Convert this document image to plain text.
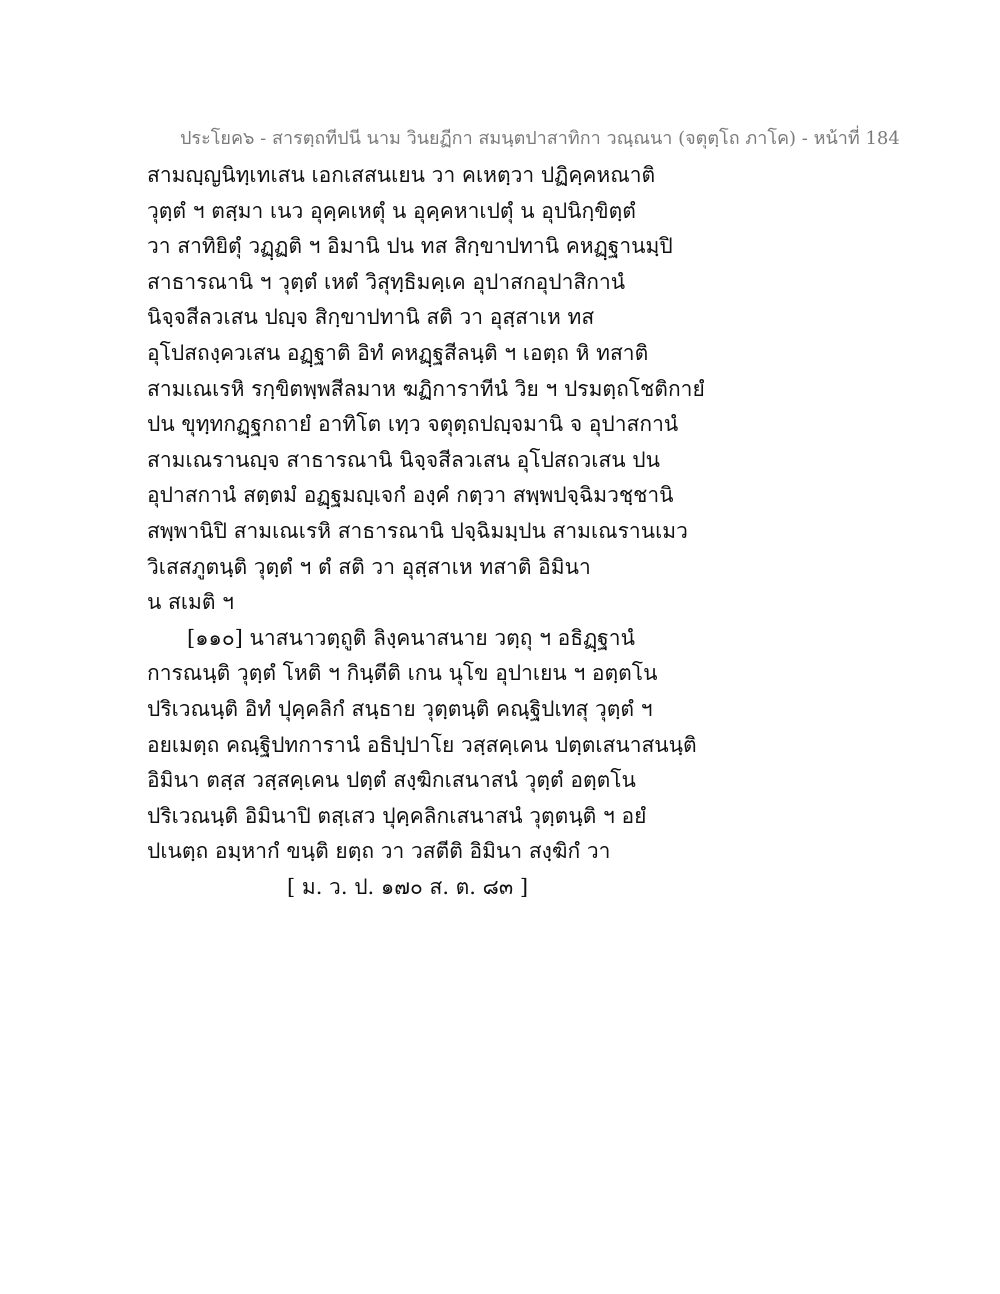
ประโยค๖ - สารตฺถทีปนี นาม วินยฏีกา สมนฺตปาสาทิกา วณฺณนา (จตุตฺโถ ภาโค) - หน้าที่ 184
สามญฺญนิทฺเทเสน เอกเสสนเยน วา คเหตฺวา ปฏิคฺคหณาติ
วุตฺตํ ฯ ตสฺมา เนว อุคฺคเหตุํ น อุคฺคหาเปตุํ น อุปนิกฺขิตฺตํ
วา สาทิยิตุํ วฏฺฏติ ฯ อิมานิ ปน ทส สิกฺขาปทานิ คหฏฺฐานมฺปิ
สาธารณานิ ฯ วุตฺตํ เหตํ วิสุทฺธิมคฺเค อุปาสกอุปาสิกานํ
นิจฺจสีลวเสน ปญฺจ สิกฺขาปทานิ สติ วา อุสฺสาเห ทส
อุโปสถงฺควเสน อฏฺฐาติ อิทํ คหฏฺฐสีลนฺติ ฯ เอตฺถ หิ ทสาติ
สามเณเรหิ รกฺขิตพฺพสีลมาห ฆฏิการาทีนํ วิย ฯ ปรมตฺถโชติกายํ
ปน ขุทฺทกฏฺฐกถายํ อาทิโต เทฺว จตุตฺถปญฺจมานิ จ อุปาสกานํ
สามเณรานญฺจ สาธารณานิ นิจฺจสีลวเสน อุโปสถวเสน ปน
อุปาสกานํ สตฺตมํ อฏฺฐมญฺเจกํ องฺคํ กตฺวา สพฺพปจฺฉิมวชฺชานิ
สพฺพานิปิ สามเณเรหิ สาธารณานิ ปจฺฉิมมฺปน สามเณรานเมว
วิเสสภูตนฺติ วุตฺตํ ฯ ตํ สติ วา อุสฺสาเห ทสาติ อิมินา
น สเมติ ฯ
[๑๑๐] นาสนาวตฺถูติ ลิงฺคนาสนาย วตฺถุ ฯ อธิฏฺฐานํ
การณนฺติ วุตฺตํ โหติ ฯ กินฺตีติ เกน นุโข อุปาเยน ฯ อตฺตโน
ปริเวณนฺติ อิทํ ปุคฺคลิกํ สนฺธาย วุตฺตนฺติ คณฺฐิปเทสุ วุตฺตํ ฯ
อยเมตฺถ คณฺฐิปทการานํ อธิปฺปาโย วสฺสคฺเคน ปตฺตเสนาสนนฺติ
อิมินา ตสฺส วสฺสคฺเคน ปตฺตํ สงฺฆิกเสนาสนํ วุตฺตํ อตฺตโน
ปริเวณนฺติ อิมินาปิ ตสฺเสว ปุคฺคลิกเสนาสนํ วุตฺตนฺติ ฯ อยํ
ปเนตฺถ อมฺหากํ ขนฺติ ยตฺถ วา วสตีติ อิมินา สงฺฆิกํ วา
[ ม. ว. ป. ๑๗๐ ส. ต. ๘๓ ]
